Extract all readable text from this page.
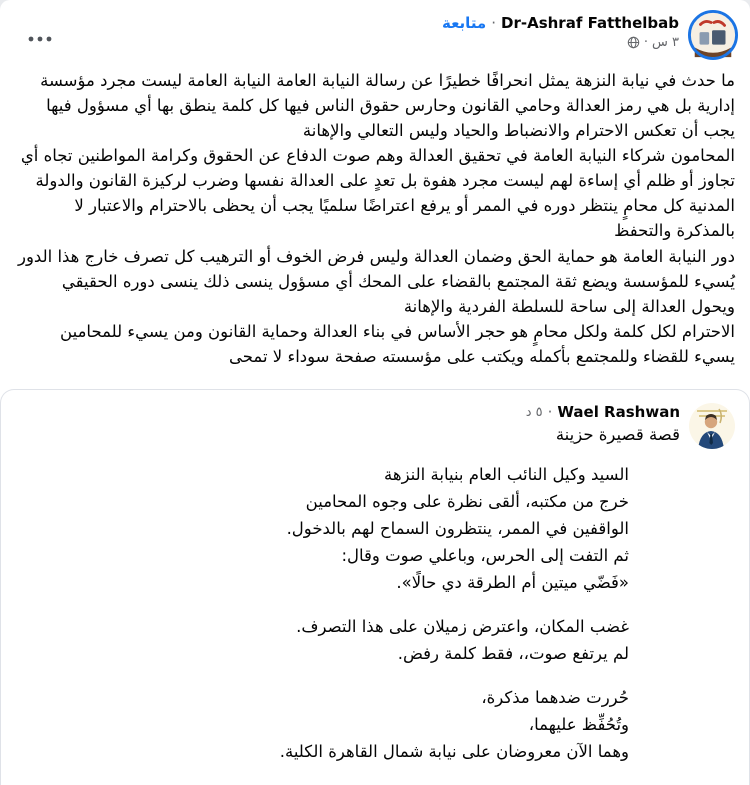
Dr-Ashraf Fatthelbab
·
متابعة
٣ س
·

ما حدث في نيابة النزهة يمثل انحرافًا خطيرًا عن رسالة النيابة العامة النيابة العامة ليست مجرد مؤسسة إدارية بل هي رمز العدالة وحامي القانون وحارس حقوق الناس فيها كل كلمة ينطق بها أي مسؤول فيها يجب أن تعكس الاحترام والانضباط والحياد وليس التعالي والإهانة

المحامون شركاء النيابة العامة في تحقيق العدالة وهم صوت الدفاع عن الحقوق وكرامة المواطنين تجاه أي تجاوز أو ظلم أي إساءة لهم ليست مجرد هفوة بل تعدٍ على العدالة نفسها وضرب لركيزة القانون والدولة المدنية كل محامٍ ينتظر دوره في الممر أو يرفع اعتراضًا سلميًا يجب أن يحظى بالاحترام والاعتبار لا بالمذكرة والتحفظ

دور النيابة العامة هو حماية الحق وضمان العدالة وليس فرض الخوف أو الترهيب كل تصرف خارج هذا الدور يُسيء للمؤسسة ويضع ثقة المجتمع بالقضاء على المحك أي مسؤول ينسى ذلك ينسى دوره الحقيقي ويحول العدالة إلى ساحة للسلطة الفردية والإهانة

الاحترام لكل كلمة ولكل محامٍ هو حجر الأساس في بناء العدالة وحماية القانون ومن يسيء للمحامين يسيء للقضاء وللمجتمع بأكمله ويكتب على مؤسسته صفحة سوداء لا تمحى

Wael Rashwan
·
٥ د
قصة قصيرة حزينة
السيد وكيل النائب العام بنيابة النزهة
خرج من مكتبه، ألقى نظرة على وجوه المحامين
الواقفين في الممر، ينتظرون السماح لهم بالدخول.
ثم التفت إلى الحرس، وباعلي صوت وقال:
«فَضّي ميتين أم الطرقة دي حالًا».
غضب المكان، واعترض زميلان على هذا التصرف.
لم يرتفع صوت،، فقط كلمة رفض.
حُررت ضدهما مذكرة،
وتُحُفِّظ عليهما،
وهما الآن معروضان على نيابة شمال القاهرة الكلية.
